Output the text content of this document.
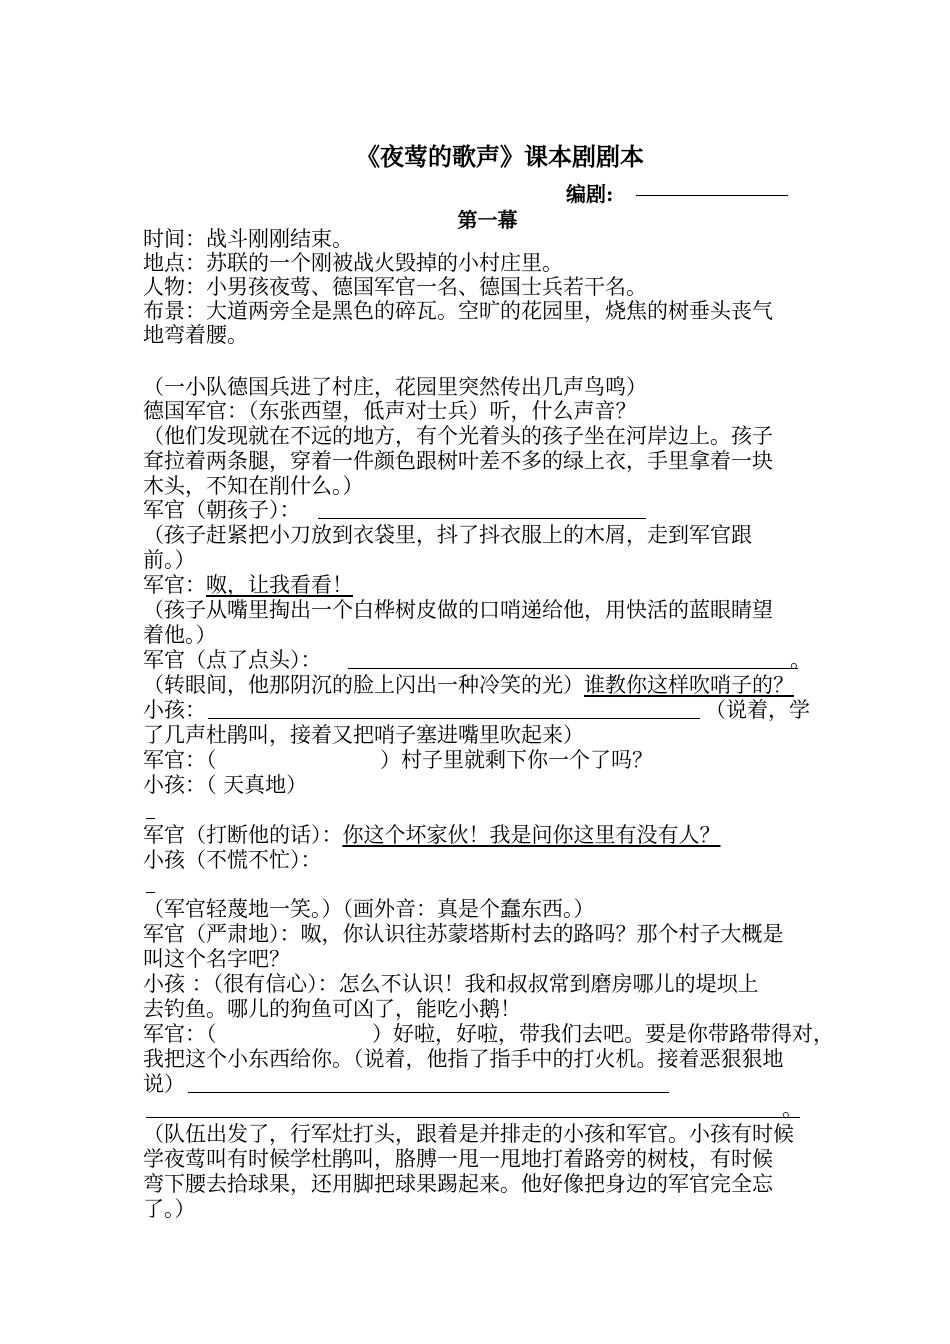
《夜莺的歌声》课本剧剧本
编剧:
第一幕
时间：战斗刚刚结束。
地点：苏联的一个刚被战火毁掉的小村庄里。
人物：小男孩夜莺、德国军官一名、德国士兵若干名。
布景：大道两旁全是黑色的碎瓦。空旷的花园里，烧焦的树垂头丧气
地弯着腰。
（一小队德国兵进了村庄，花园里突然传出几声鸟鸣）
德国军官：（东张西望，低声对士兵）听，什么声音？
（他们发现就在不远的地方，有个光着头的孩子坐在河岸边上。孩子
耷拉着两条腿，穿着一件颜色跟树叶差不多的绿上衣，手里拿着一块
木头，不知在削什么。）
军官（朝孩子）：
（孩子赶紧把小刀放到衣袋里，抖了抖衣服上的木屑，走到军官跟
前。）
军官：呶，让我看看！
（孩子从嘴里掏出一个白桦树皮做的口哨递给他，用快活的蓝眼睛望
着他。）
军官（点了点头）：	。
（转眼间，他那阴沉的脸上闪出一种冷笑的光）谁教你这样吹哨子的？
小孩：	（说着，学
了几声杜鹃叫，接着又把哨子塞进嘴里吹起来）
军官：（	）村子里就剩下你一个了吗？
小孩：（ 天真地）
军官（打断他的话）：你这个坏家伙！我是问你这里有没有人？
小孩（不慌不忙）：
（军官轻蔑地一笑。）（画外音：真是个蠢东西。）
军官（严肃地）：呶，你认识往苏蒙塔斯村去的路吗？那个村子大概是
叫这个名字吧？
小孩 ：（很有信心）：怎么不认识！我和叔叔常到磨房哪儿的堤坝上
去钓鱼。哪儿的狗鱼可凶了，能吃小鹅！
军官：（	）好啦，好啦，带我们去吧。要是你带路带得对，
我把这个小东西给你。（说着，他指了指手中的打火机。接着恶狠狠地
说）
。
（队伍出发了，行军灶打头，跟着是并排走的小孩和军官。小孩有时候
学夜莺叫有时候学杜鹃叫，胳膊一甩一甩地打着路旁的树枝，有时候
弯下腰去拾球果，还用脚把球果踢起来。他好像把身边的军官完全忘
了。）
